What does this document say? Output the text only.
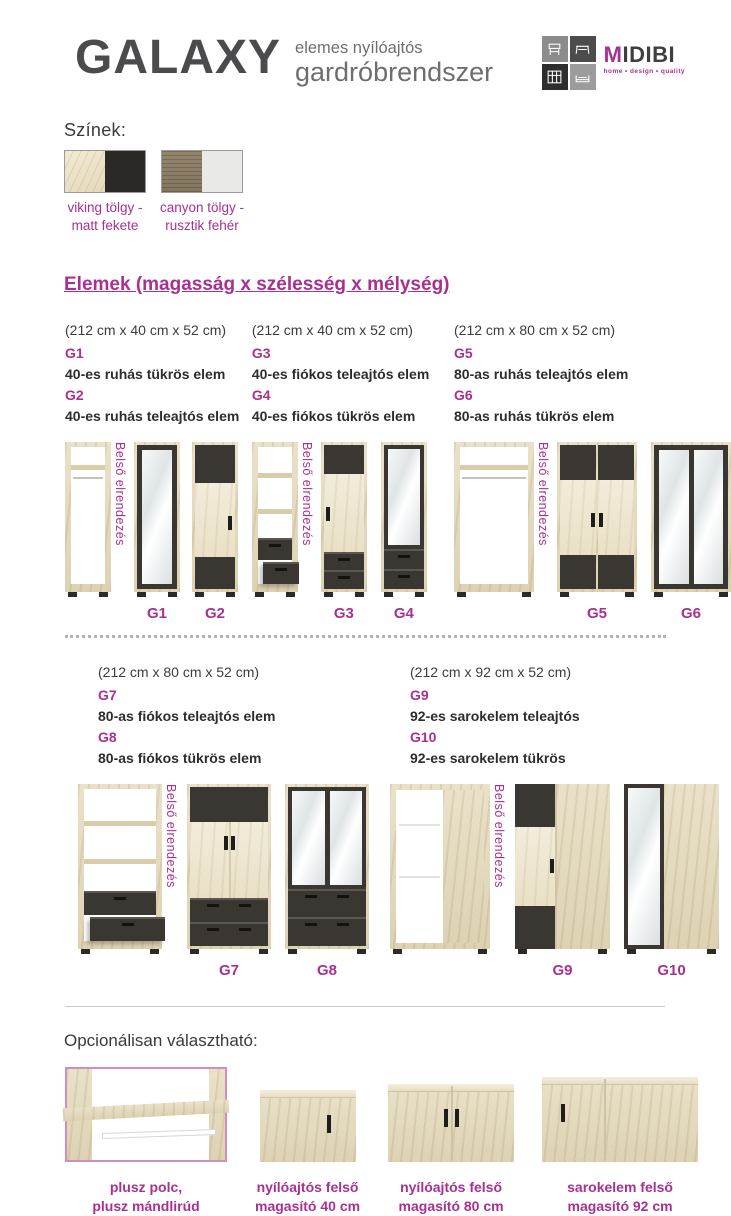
GALAXY elemes nyílóajtós
gardróbrendszer
MIDIBI
home • design • quality
Színek:
viking tölgy -
matt fekete
canyon tölgy -
rusztik fehér
Elemek (magasság x szélesség x mélység)
(212 cm x 40 cm x 52 cm)
G1
40-es ruhás tükrös elem
G2
40-es ruhás teleajtós elem
Belső elrendezés
G1	G2
(212 cm x 40 cm x 52 cm)
G3
40-es fiókos teleajtós elem
G4
40-es fiókos tükrös elem
Belső elrendezés
G3	G4
(212 cm x 80 cm x 52 cm)
G5
80-as ruhás teleajtós elem
G6
80-as ruhás tükrös elem
Belső elrendezés
G5	G6
(212 cm x 80 cm x 52 cm)
G7
80-as fiókos teleajtós elem
G8
80-as fiókos tükrös elem
Belső elrendezés
G7	G8
(212 cm x 92 cm x 52 cm)
G9
92-es sarokelem teleajtós
G10
92-es sarokelem tükrös
Belső elrendezés
G9	G10
Opcionálisan választható:
plusz polc,
plusz mándlirúd
nyílóajtós felső
magasító 40 cm
nyílóajtós felső
magasító 80 cm
sarokelem felső
magasító 92 cm
